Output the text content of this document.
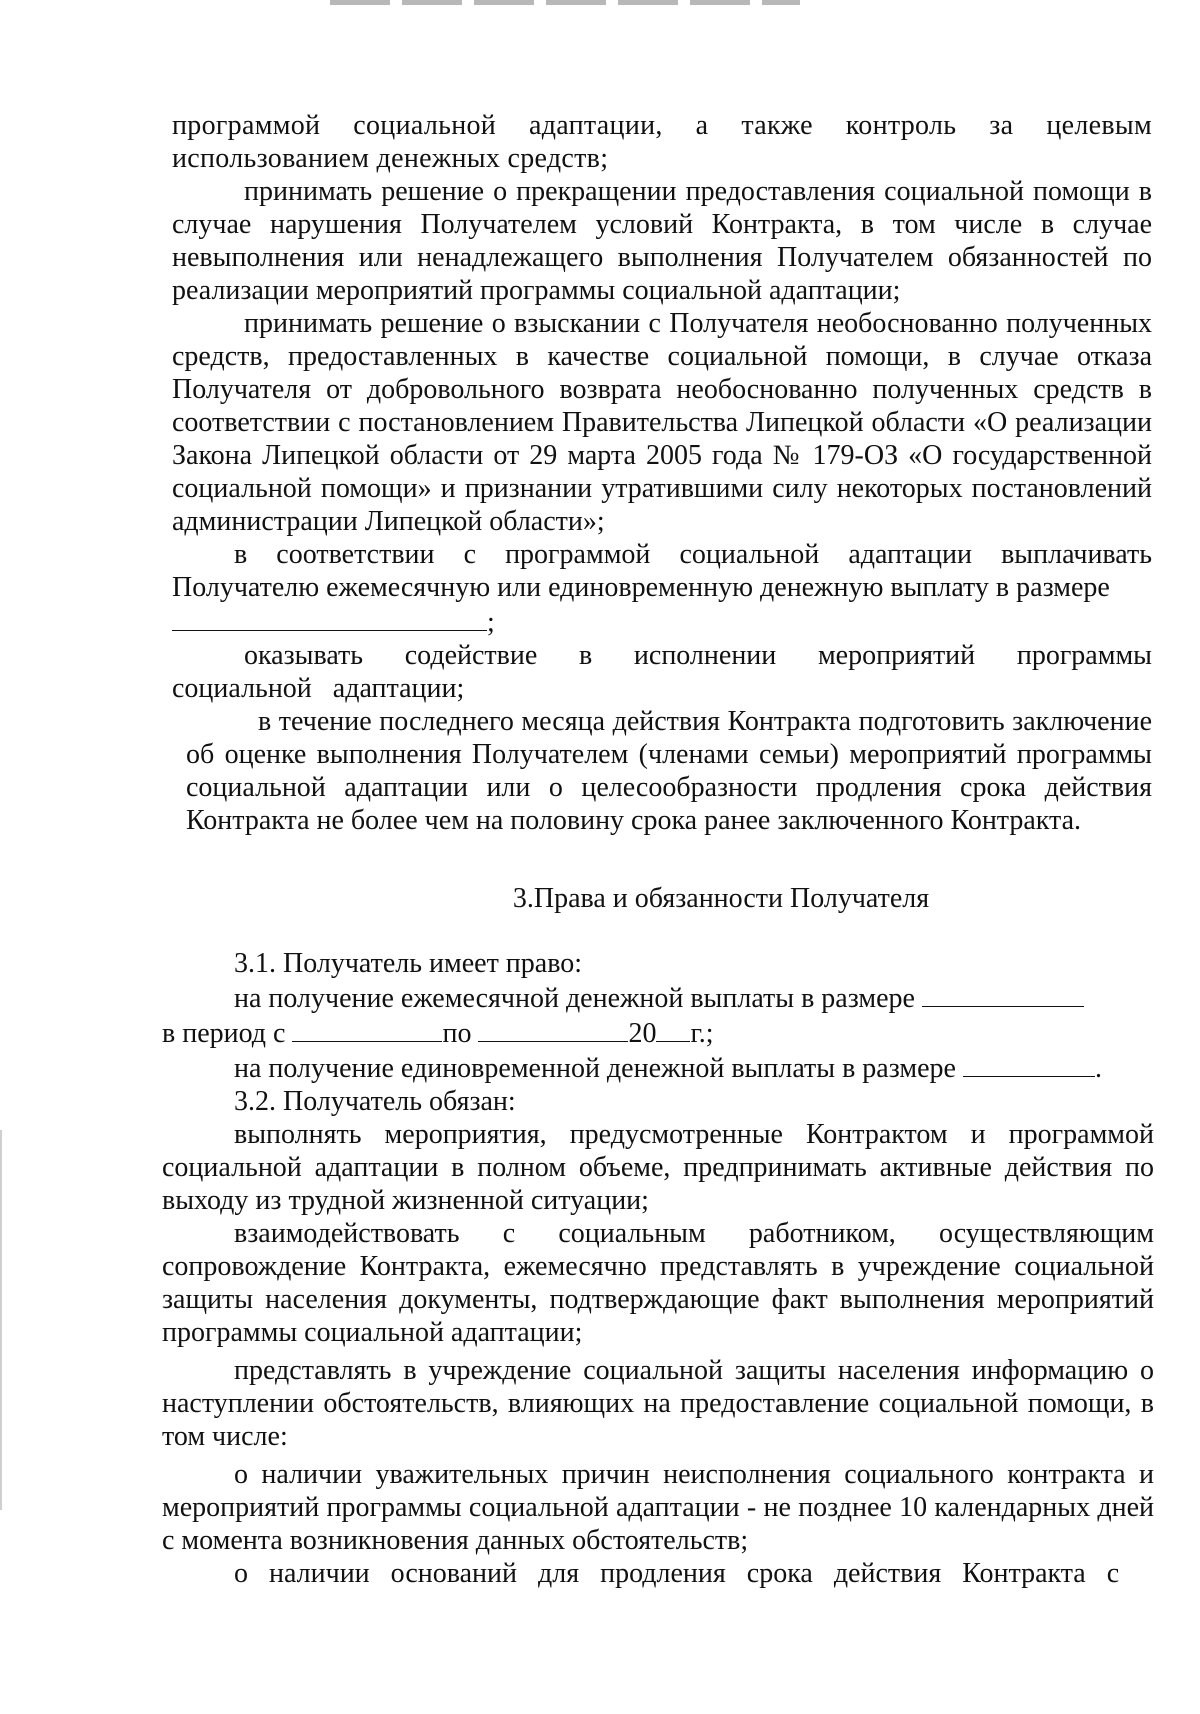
программой социальной адаптации, а также контроль за целевым использованием денежных средств;

принимать решение о прекращении предоставления социальной помощи в случае нарушения Получателем условий Контракта, в том числе в случае невыполнения или ненадлежащего выполнения Получателем обязанностей по реализации мероприятий программы социальной адаптации;

принимать решение о взыскании с Получателя необоснованно полученных средств, предоставленных в качестве социальной помощи, в случае отказа Получателя от добровольного возврата необоснованно полученных средств в соответствии с постановлением Правительства Липецкой области «О реализации Закона Липецкой области от 29 марта 2005 года № 179-ОЗ «О государственной социальной помощи» и признании утратившими силу некоторых постановлений администрации Липецкой области»;

в соответствии с программой социальной адаптации выплачивать Получателю ежемесячную или единовременную денежную выплату в размере

;

оказывать содействие в исполнении мероприятий программы социальной адаптации;

в течение последнего месяца действия Контракта подготовить заключение об оценке выполнения Получателем (членами семьи) мероприятий программы социальной адаптации или о целесообразности продления срока действия Контракта не более чем на половину срока ранее заключенного Контракта.

3.Права и обязанности Получателя

3.1. Получатель имеет право:

на получение ежемесячной денежной выплаты в размере

в период с	по	20 г.;

на получение единовременной денежной выплаты в размере	.

3.2. Получатель обязан:

выполнять мероприятия, предусмотренные Контрактом и программой социальной адаптации в полном объеме, предпринимать активные действия по выходу из трудной жизненной ситуации;

взаимодействовать с социальным работником, осуществляющим сопровождение Контракта, ежемесячно представлять в учреждение социальной защиты населения документы, подтверждающие факт выполнения мероприятий программы социальной адаптации;

представлять в учреждение социальной защиты населения информацию о наступлении обстоятельств, влияющих на предоставление социальной помощи, в том числе:

о наличии уважительных причин неисполнения социального контракта и мероприятий программы социальной адаптации - не позднее 10 календарных дней с момента возникновения данных обстоятельств;

о наличии оснований для продления срока действия Контракта с
